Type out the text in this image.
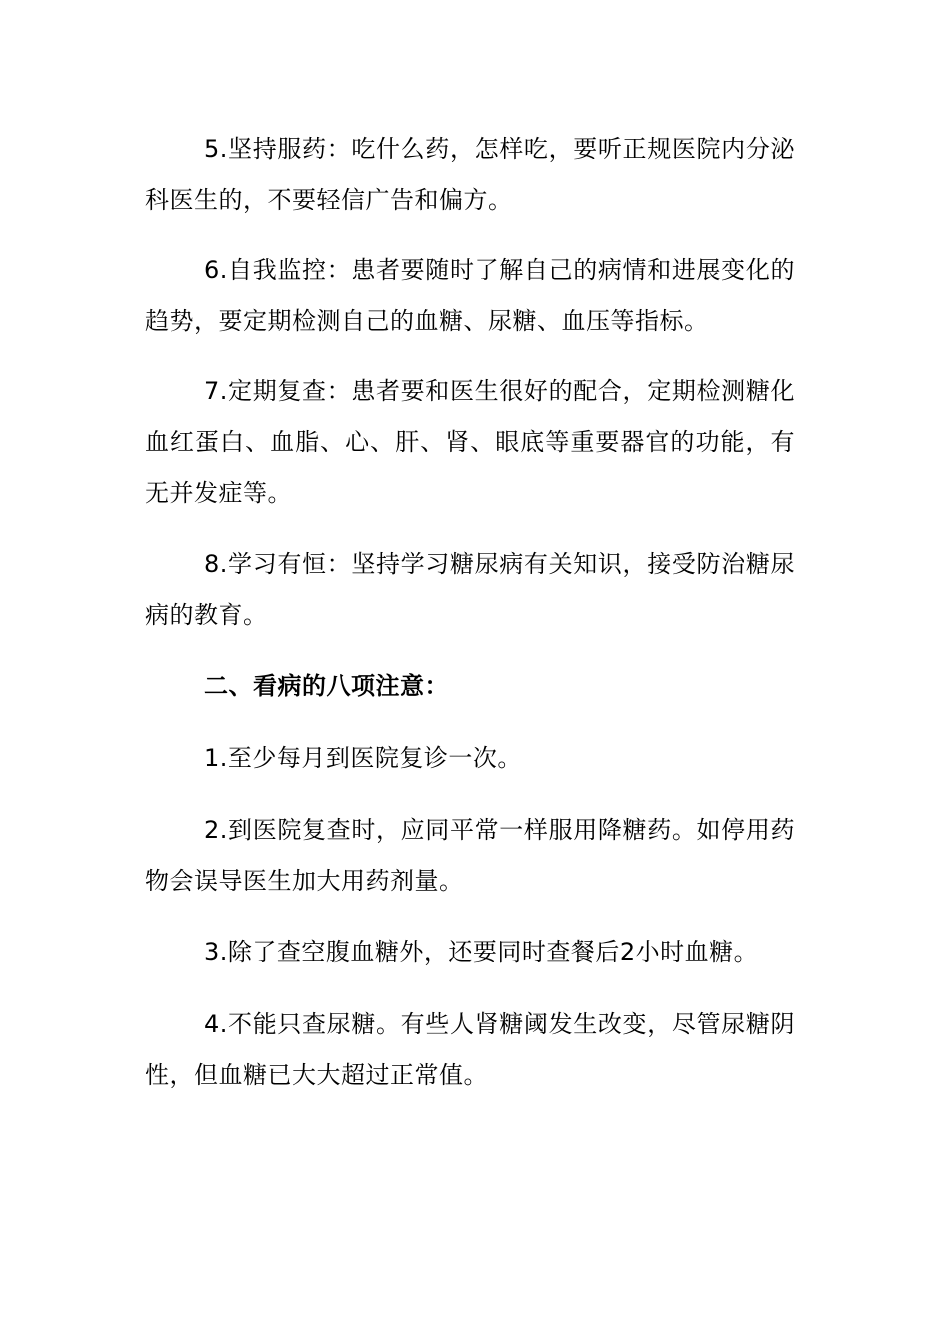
5.坚持服药：吃什么药，怎样吃，要听正规医院内分泌科医生的，不要轻信广告和偏方。

6.自我监控：患者要随时了解自己的病情和进展变化的趋势，要定期检测自己的血糖、尿糖、血压等指标。

7.定期复查：患者要和医生很好的配合，定期检测糖化血红蛋白、血脂、心、肝、肾、眼底等重要器官的功能，有无并发症等。

8.学习有恒：坚持学习糖尿病有关知识，接受防治糖尿病的教育。

二、看病的八项注意：

1.至少每月到医院复诊一次。

2.到医院复查时，应同平常一样服用降糖药。如停用药物会误导医生加大用药剂量。

3.除了查空腹血糖外，还要同时查餐后2小时血糖。

4.不能只查尿糖。有些人肾糖阈发生改变，尽管尿糖阴性，但血糖已大大超过正常值。
